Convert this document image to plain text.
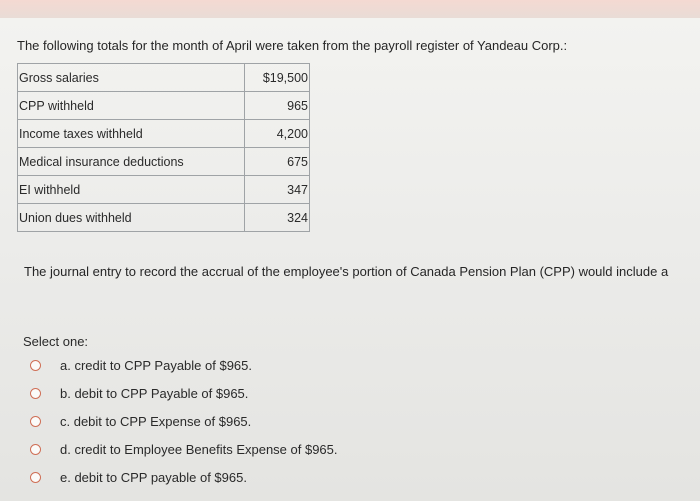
The following totals for the month of April were taken from the payroll register of Yandeau Corp.:
Gross salaries	$19,500
CPP withheld	965
Income taxes withheld	4,200
Medical insurance deductions	675
EI withheld	347
Union dues withheld	324
The journal entry to record the accrual of the employee's portion of Canada Pension Plan (CPP) would include a
Select one:
a. credit to CPP Payable of $965.
b. debit to CPP Payable of $965.
c. debit to CPP Expense of $965.
d. credit to Employee Benefits Expense of $965.
e. debit to CPP payable of $965.
